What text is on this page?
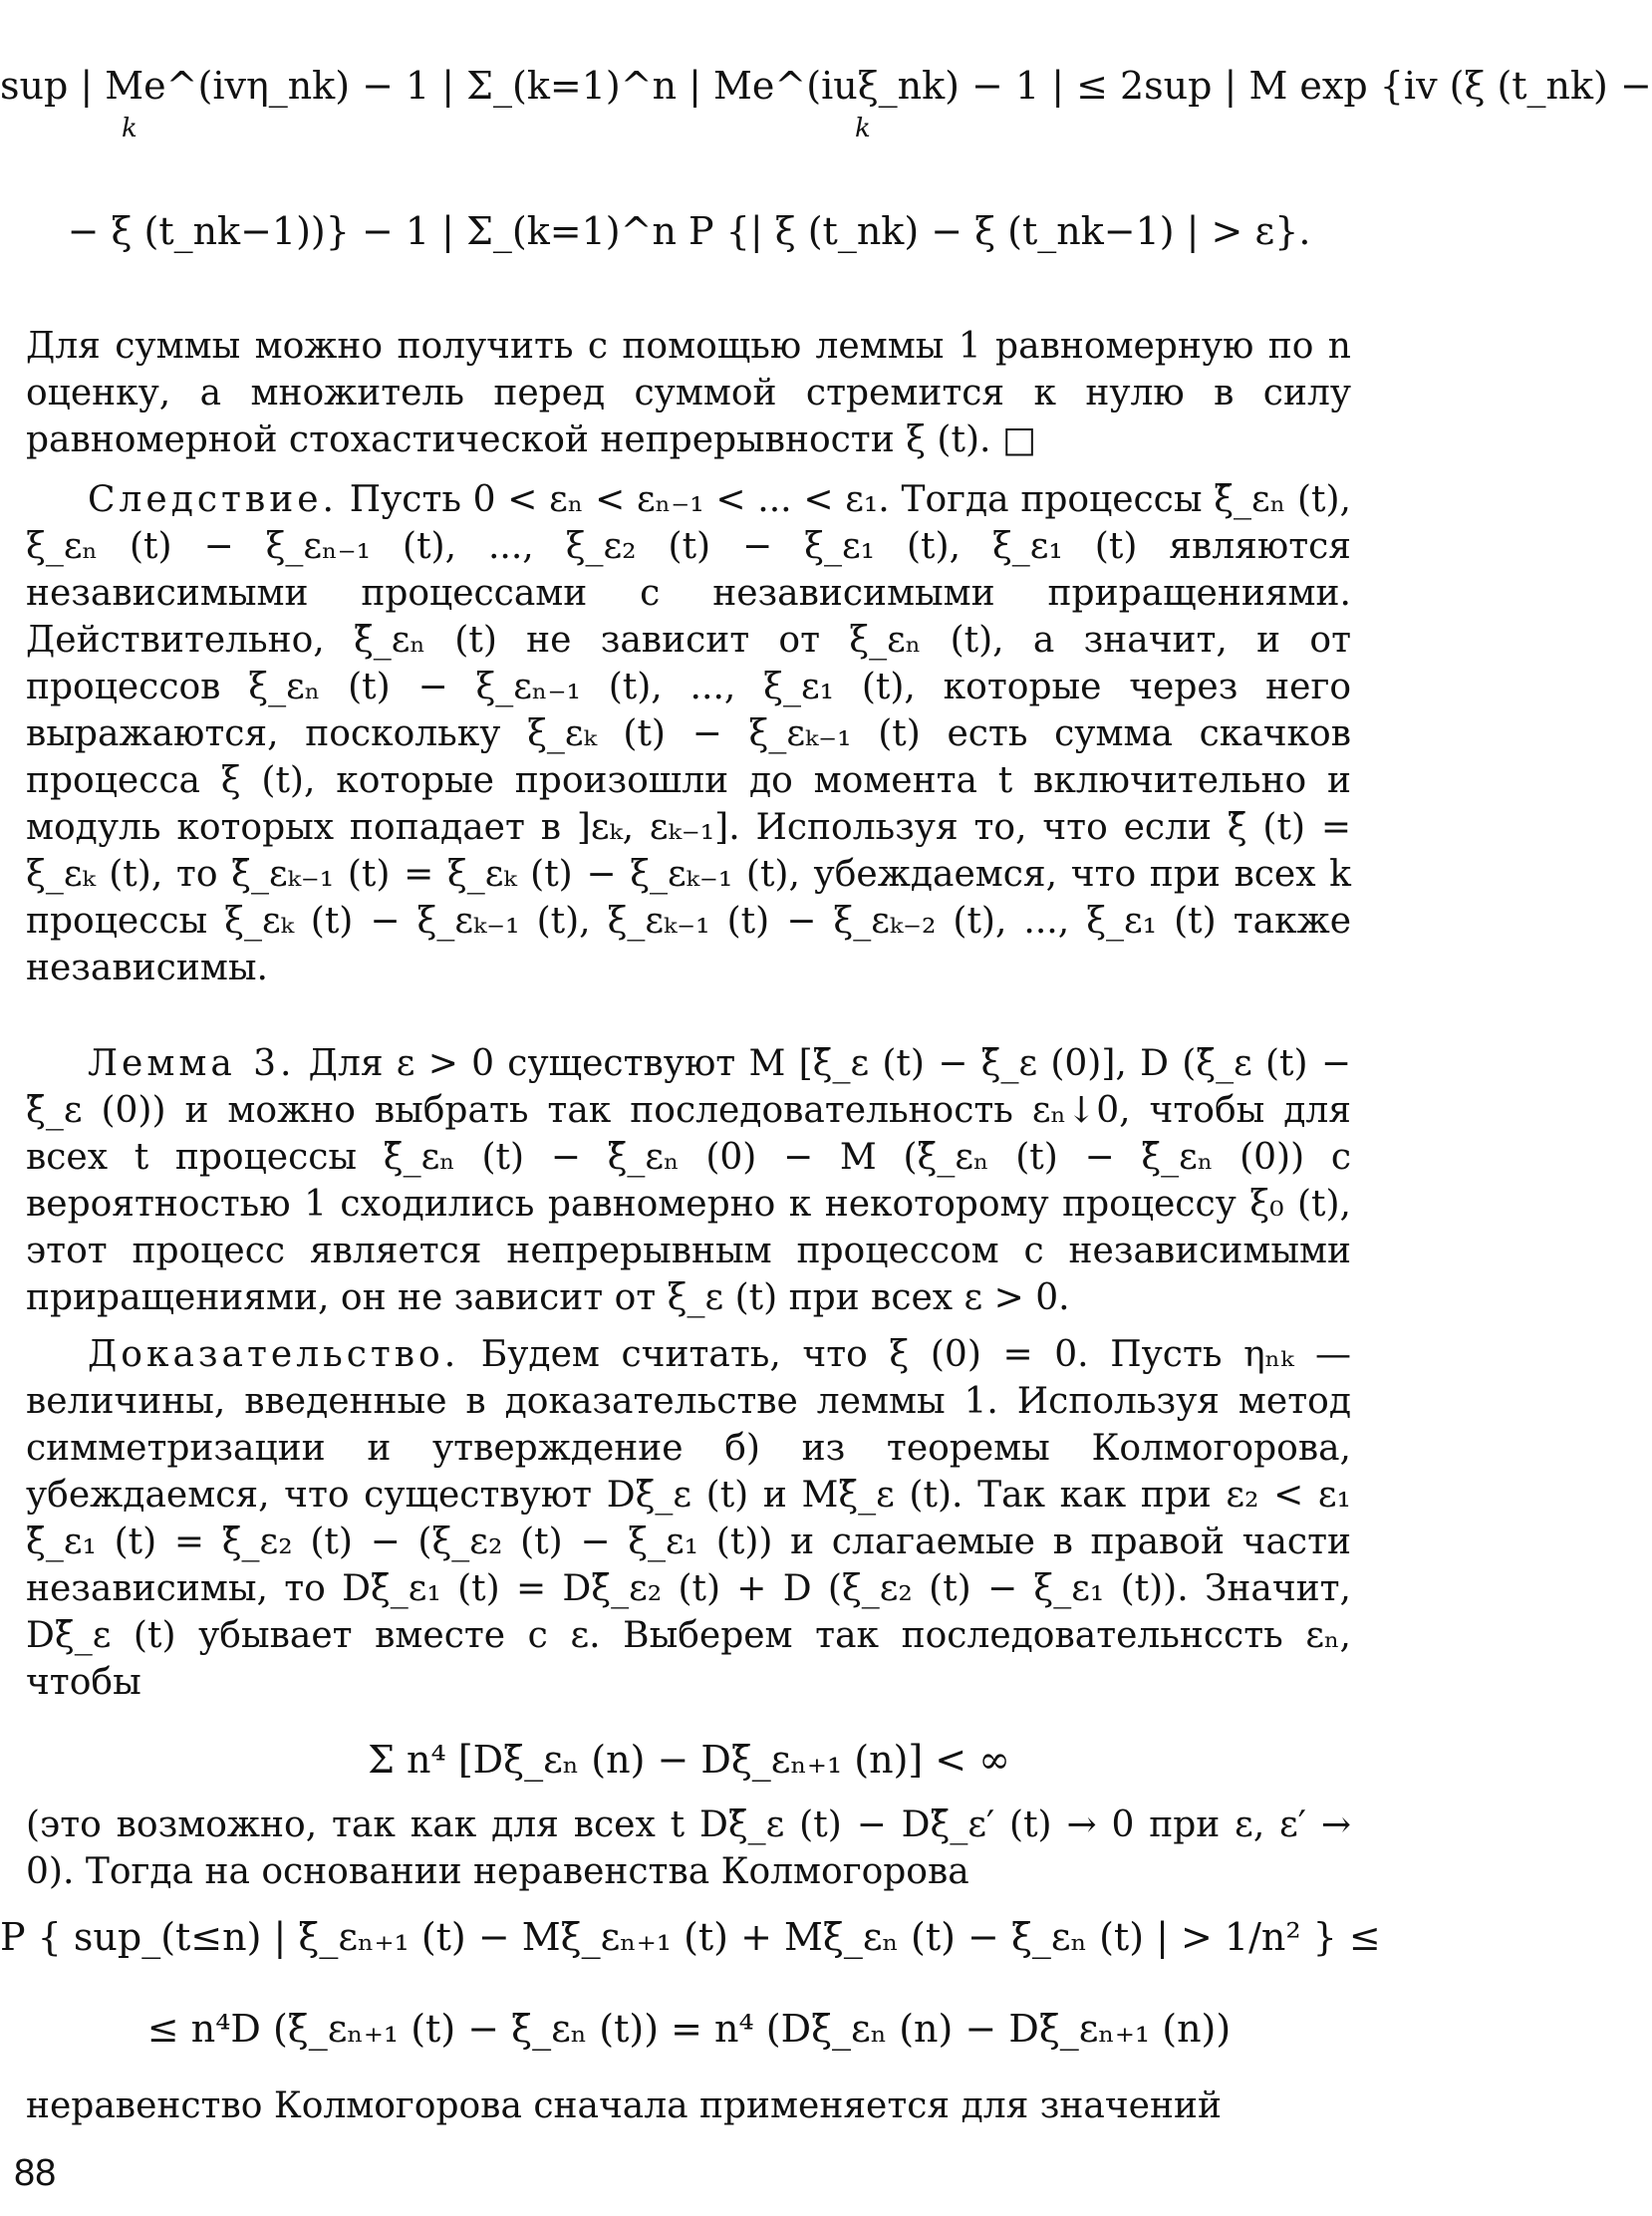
sup | Me^(ivη_nk) − 1 | Σ_(k=1)^n | Me^(iuξ_nk) − 1 | ≤ 2sup | M exp {iv (ξ (t_nk) −
k	k
− ξ (t_nk−1))} − 1 | Σ_(k=1)^n P {| ξ (t_nk) − ξ (t_nk−1) | > ε}.

Для суммы можно получить с помощью леммы 1 равномерную по n оценку, а множитель перед суммой стремится к нулю в силу равномерной стохастической непрерывности ξ (t). □

Следствие. Пусть 0 < εₙ < εₙ₋₁ < ... < ε₁. Тогда процессы ξ̄_εₙ (t), ξ_εₙ (t) − ξ_εₙ₋₁ (t), ..., ξ_ε₂ (t) − ξ_ε₁ (t), ξ_ε₁ (t) являются независимыми процессами с независимыми приращениями. Действительно, ξ̄_εₙ (t) не зависит от ξ_εₙ (t), а значит, и от процессов ξ_εₙ (t) − ξ_εₙ₋₁ (t), ..., ξ_ε₁ (t), которые через него выражаются, поскольку ξ_εₖ (t) − ξ_εₖ₋₁ (t) есть сумма скачков процесса ξ (t), которые произошли до момента t включительно и модуль которых попадает в ]εₖ, εₖ₋₁]. Используя то, что если ξ̄ (t) = ξ_εₖ (t), то ξ̄_εₖ₋₁ (t) = ξ_εₖ (t) − ξ_εₖ₋₁ (t), убеждаемся, что при всех k процессы ξ_εₖ (t) − ξ_εₖ₋₁ (t), ξ_εₖ₋₁ (t) − ξ_εₖ₋₂ (t), ..., ξ_ε₁ (t) также независимы.

Лемма 3. Для ε > 0 существуют M [ξ̄_ε (t) − ξ̄_ε (0)], D (ξ̄_ε (t) − ξ̄_ε (0)) и можно выбрать так последовательность εₙ↓0, чтобы для всех t процессы ξ̄_εₙ (t) − ξ̄_εₙ (0) − M (ξ̄_εₙ (t) − ξ̄_εₙ (0)) с вероятностью 1 сходились равномерно к некоторому процессу ξ₀ (t), этот процесс является непрерывным процессом с независимыми приращениями, он не зависит от ξ_ε (t) при всех ε > 0.

Доказательство. Будем считать, что ξ (0) = 0. Пусть ηₙₖ — величины, введенные в доказательстве леммы 1. Используя метод симметризации и утверждение б) из теоремы Колмогорова, убеждаемся, что существуют Dξ̄_ε (t) и Mξ̄_ε (t). Так как при ε₂ < ε₁ ξ̄_ε₁ (t) = ξ̄_ε₂ (t) − (ξ_ε₂ (t) − ξ_ε₁ (t)) и слагаемые в правой части независимы, то Dξ̄_ε₁ (t) = Dξ̄_ε₂ (t) + D (ξ_ε₂ (t) − ξ_ε₁ (t)). Значит, Dξ̄_ε (t) убывает вместе с ε. Выберем так последовательнсcть εₙ, чтобы

Σ n⁴ [Dξ̄_εₙ (n) − Dξ̄_εₙ₊₁ (n)] < ∞

(это возможно, так как для всех t Dξ̄_ε (t) − Dξ̄_ε′ (t) → 0 при ε, ε′ → 0). Тогда на основании неравенства Колмогорова

P { sup_(t≤n) | ξ̄_εₙ₊₁ (t) − Mξ̄_εₙ₊₁ (t) + Mξ̄_εₙ (t) − ξ̄_εₙ (t) | > 1/n² } ≤
≤ n⁴D (ξ̄_εₙ₊₁ (t) − ξ̄_εₙ (t)) = n⁴ (Dξ̄_εₙ (n) − Dξ̄_εₙ₊₁ (n))

неравенство Колмогорова сначала применяется для значений

88
